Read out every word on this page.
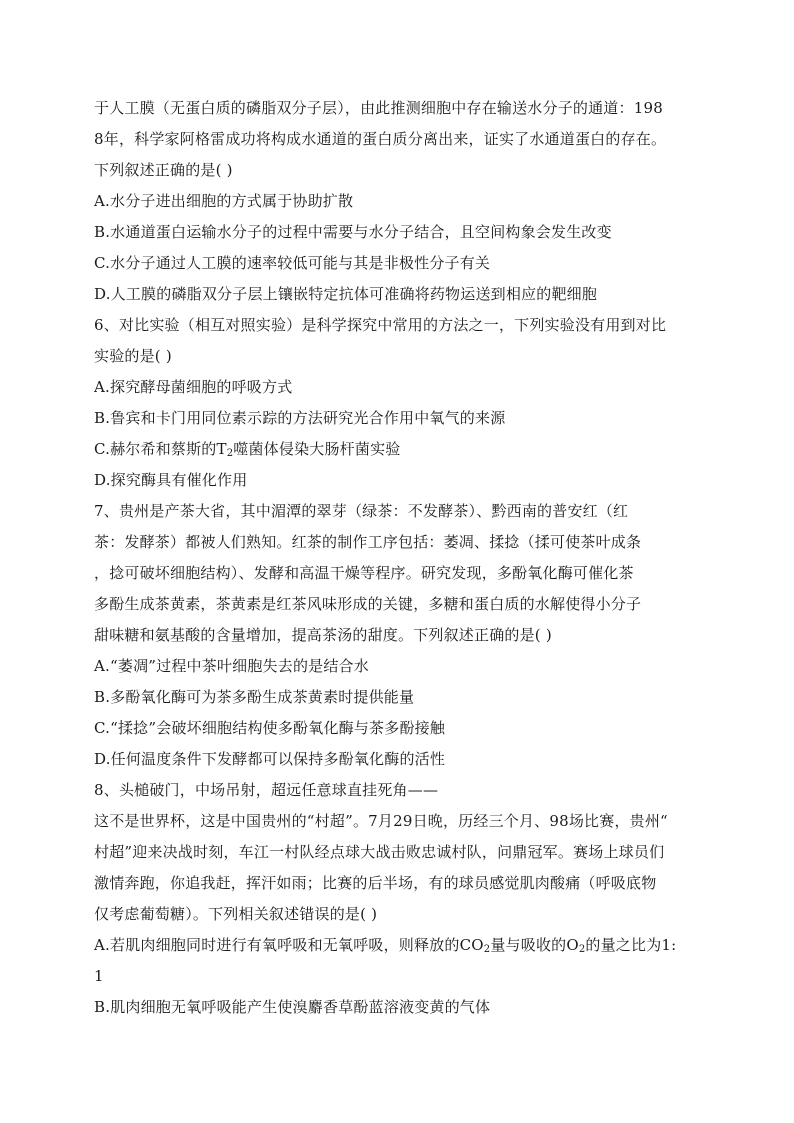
于人工膜（无蛋白质的磷脂双分子层），由此推测细胞中存在输送水分子的通道：198
8年，科学家阿格雷成功将构成水通道的蛋白质分离出来，证实了水通道蛋白的存在。
下列叙述正确的是( )
A.水分子进出细胞的方式属于协助扩散
B.水通道蛋白运输水分子的过程中需要与水分子结合，且空间构象会发生改变
C.水分子通过人工膜的速率较低可能与其是非极性分子有关
D.人工膜的磷脂双分子层上镶嵌特定抗体可准确将药物运送到相应的靶细胞
6、对比实验（相互对照实验）是科学探究中常用的方法之一，下列实验没有用到对比
实验的是( )
A.探究酵母菌细胞的呼吸方式
B.鲁宾和卡门用同位素示踪的方法研究光合作用中氧气的来源
C.赫尔希和蔡斯的$T_2$噬菌体侵染大肠杆菌实验
D.探究酶具有催化作用
7、贵州是产茶大省，其中湄潭的翠芽（绿茶：不发酵茶）、黔西南的普安红（红
茶：发酵茶）都被人们熟知。红茶的制作工序包括：萎凋、揉捻（揉可使茶叶成条
，捻可破坏细胞结构）、发酵和高温干燥等程序。研究发现，多酚氧化酶可催化茶
多酚生成茶黄素，茶黄素是红茶风味形成的关键，多糖和蛋白质的水解使得小分子
甜味糖和氨基酸的含量增加，提高茶汤的甜度。下列叙述正确的是( )
A.“萎凋”过程中茶叶细胞失去的是结合水
B.多酚氧化酶可为茶多酚生成茶黄素时提供能量
C.“揉捻”会破坏细胞结构使多酚氧化酶与茶多酚接触
D.任何温度条件下发酵都可以保持多酚氧化酶的活性
8、头槌破门，中场吊射，超远任意球直挂死角——
这不是世界杯，这是中国贵州的“村超”。7月29日晚，历经三个月、98场比赛，贵州“
村超”迎来决战时刻，车江一村队经点球大战击败忠诚村队，问鼎冠军。赛场上球员们
激情奔跑，你追我赶，挥汗如雨；比赛的后半场，有的球员感觉肌肉酸痛（呼吸底物
仅考虑葡萄糖）。下列相关叙述错误的是( )
A.若肌肉细胞同时进行有氧呼吸和无氧呼吸，则释放的$CO_2$量与吸收的$O_2$的量之比为1:
1
B.肌肉细胞无氧呼吸能产生使溴麝香草酚蓝溶液变黄的气体
